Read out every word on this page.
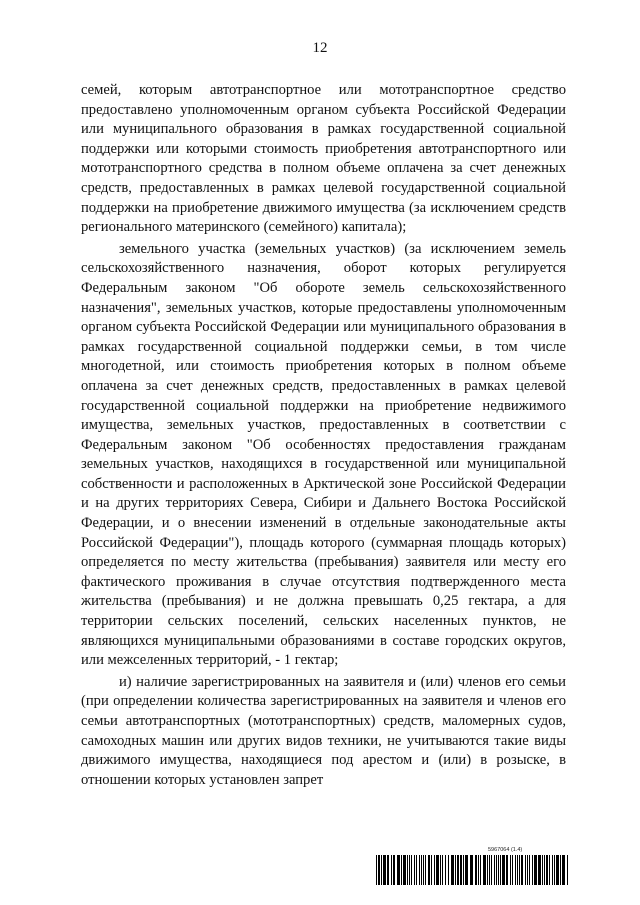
12

семей, которым автотранспортное или мототранспортное средство предоставлено уполномоченным органом субъекта Российской Федерации или муниципального образования в рамках государственной социальной поддержки или которыми стоимость приобретения автотранспортного или мототранспортного средства в полном объеме оплачена за счет денежных средств, предоставленных в рамках целевой государственной социальной поддержки на приобретение движимого имущества (за исключением средств регионального материнского (семейного) капитала);

земельного участка (земельных участков) (за исключением земель сельскохозяйственного назначения, оборот которых регулируется Федеральным законом "Об обороте земель сельскохозяйственного назначения", земельных участков, которые предоставлены уполномоченным органом субъекта Российской Федерации или муниципального образования в рамках государственной социальной поддержки семьи, в том числе многодетной, или стоимость приобретения которых в полном объеме оплачена за счет денежных средств, предоставленных в рамках целевой государственной социальной поддержки на приобретение недвижимого имущества, земельных участков, предоставленных в соответствии с Федеральным законом "Об особенностях предоставления гражданам земельных участков, находящихся в государственной или муниципальной собственности и расположенных в Арктической зоне Российской Федерации и на других территориях Севера, Сибири и Дальнего Востока Российской Федерации, и о внесении изменений в отдельные законодательные акты Российской Федерации"), площадь которого (суммарная площадь которых) определяется по месту жительства (пребывания) заявителя или месту его фактического проживания в случае отсутствия подтвержденного места жительства (пребывания) и не должна превышать 0,25 гектара, а для территории сельских поселений, сельских населенных пунктов, не являющихся муниципальными образованиями в составе городских округов, или межселенных территорий, - 1 гектар;

и) наличие зарегистрированных на заявителя и (или) членов его семьи (при определении количества зарегистрированных на заявителя и членов его семьи автотранспортных (мототранспортных) средств, маломерных судов, самоходных машин или других видов техники, не учитываются такие виды движимого имущества, находящиеся под арестом и (или) в розыске, в отношении которых установлен запрет

5967064 (1.4)
